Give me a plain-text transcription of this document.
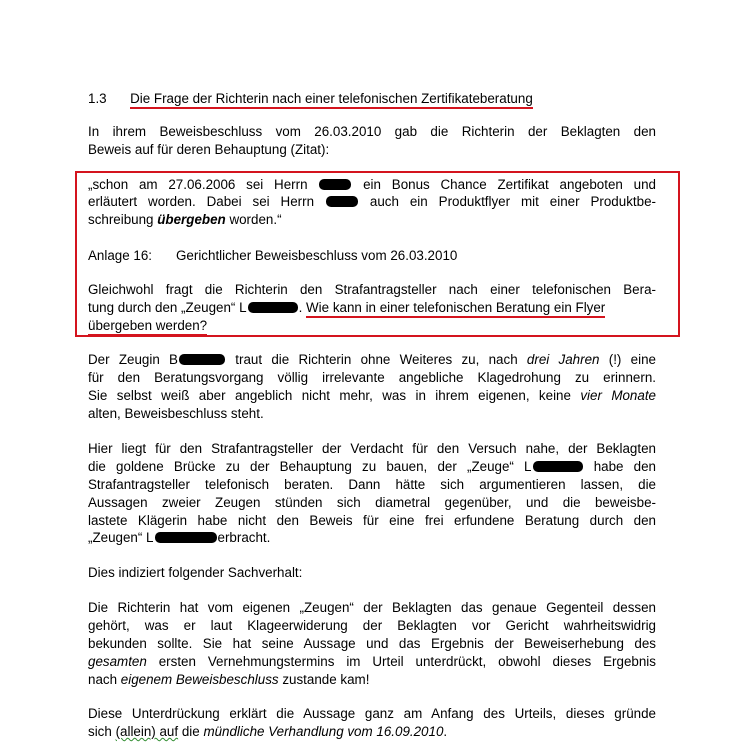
1.3 Die Frage der Richterin nach einer telefonischen Zertifikateberatung
In ihrem Beweisbeschluss vom 26.03.2010 gab die Richterin der Beklagten den
Beweis auf für deren Behauptung (Zitat):
„schon am 27.06.2006 sei Herrn	ein Bonus Chance Zertifikat angeboten und
erläutert worden. Dabei sei Herrn	auch ein Produktflyer mit einer Produktbe-
schreibung übergeben worden.“
Anlage 16: Gerichtlicher Beweisbeschluss vom 26.03.2010
Gleichwohl fragt die Richterin den Strafantragsteller nach einer telefonischen Bera-
tung durch den „Zeugen“ L	. Wie kann in einer telefonischen Beratung ein Flyer
übergeben werden?
Der Zeugin B	traut die Richterin ohne Weiteres zu, nach drei Jahren (!) eine
für den Beratungsvorgang völlig irrelevante angebliche Klagedrohung zu erinnern.
Sie selbst weiß aber angeblich nicht mehr, was in ihrem eigenen, keine vier Monate
alten, Beweisbeschluss steht.
Hier liegt für den Strafantragsteller der Verdacht für den Versuch nahe, der Beklagten
die goldene Brücke zu der Behauptung zu bauen, der „Zeuge“ L	habe den
Strafantragsteller telefonisch beraten. Dann hätte sich argumentieren lassen, die
Aussagen zweier Zeugen stünden sich diametral gegenüber, und die beweisbe-
lastete Klägerin habe nicht den Beweis für eine frei erfundene Beratung durch den
„Zeugen“ L	erbracht.
Dies indiziert folgender Sachverhalt:
Die Richterin hat vom eigenen „Zeugen“ der Beklagten das genaue Gegenteil dessen
gehört, was er laut Klageerwiderung der Beklagten vor Gericht wahrheitswidrig
bekunden sollte. Sie hat seine Aussage und das Ergebnis der Beweiserhebung des
gesamten ersten Vernehmungstermins im Urteil unterdrückt, obwohl dieses Ergebnis
nach eigenem Beweisbeschluss zustande kam!
Diese Unterdrückung erklärt die Aussage ganz am Anfang des Urteils, dieses gründe
sich (allein) auf die mündliche Verhandlung vom 16.09.2010.
